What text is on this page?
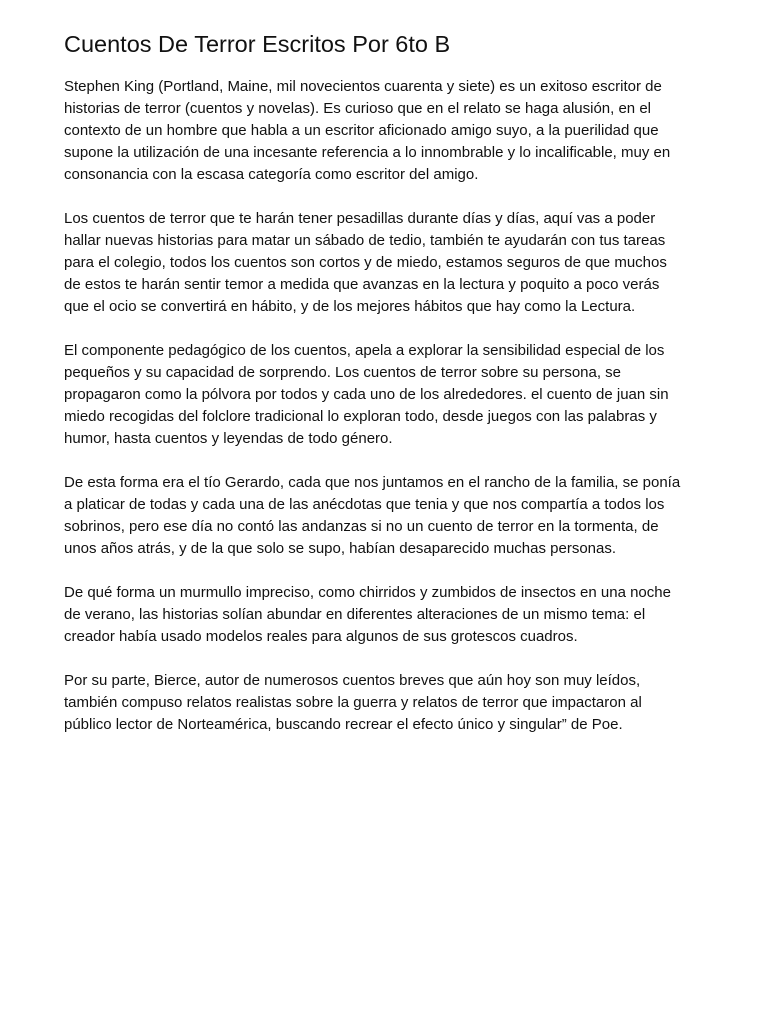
Cuentos De Terror Escritos Por 6to B

Stephen King (Portland, Maine, mil novecientos cuarenta y siete) es un exitoso escritor de
historias de terror (cuentos y novelas). Es curioso que en el relato se haga alusión, en el
contexto de un hombre que habla a un escritor aficionado amigo suyo, a la puerilidad que
supone la utilización de una incesante referencia a lo innombrable y lo incalificable, muy en
consonancia con la escasa categoría como escritor del amigo.

Los cuentos de terror que te harán tener pesadillas durante días y días, aquí vas a poder
hallar nuevas historias para matar un sábado de tedio, también te ayudarán con tus tareas
para el colegio, todos los cuentos son cortos y de miedo, estamos seguros de que muchos
de estos te harán sentir temor a medida que avanzas en la lectura y poquito a poco verás
que el ocio se convertirá en hábito, y de los mejores hábitos que hay como la Lectura.

El componente pedagógico de los cuentos, apela a explorar la sensibilidad especial de los
pequeños y su capacidad de sorprendo. Los cuentos de terror sobre su persona, se
propagaron como la pólvora por todos y cada uno de los alrededores. el cuento de juan sin
miedo recogidas del folclore tradicional lo exploran todo, desde juegos con las palabras y
humor, hasta cuentos y leyendas de todo género.

De esta forma era el tío Gerardo, cada que nos juntamos en el rancho de la familia, se ponía
a platicar de todas y cada una de las anécdotas que tenia y que nos compartía a todos los
sobrinos, pero ese día no contó las andanzas si no un cuento de terror en la tormenta, de
unos años atrás, y de la que solo se supo, habían desaparecido muchas personas.

De qué forma un murmullo impreciso, como chirridos y zumbidos de insectos en una noche
de verano, las historias solían abundar en diferentes alteraciones de un mismo tema: el
creador había usado modelos reales para algunos de sus grotescos cuadros.

Por su parte, Bierce, autor de numerosos cuentos breves que aún hoy son muy leídos,
también compuso relatos realistas sobre la guerra y relatos de terror que impactaron al
público lector de Norteamérica, buscando recrear el efecto único y singular” de Poe.
